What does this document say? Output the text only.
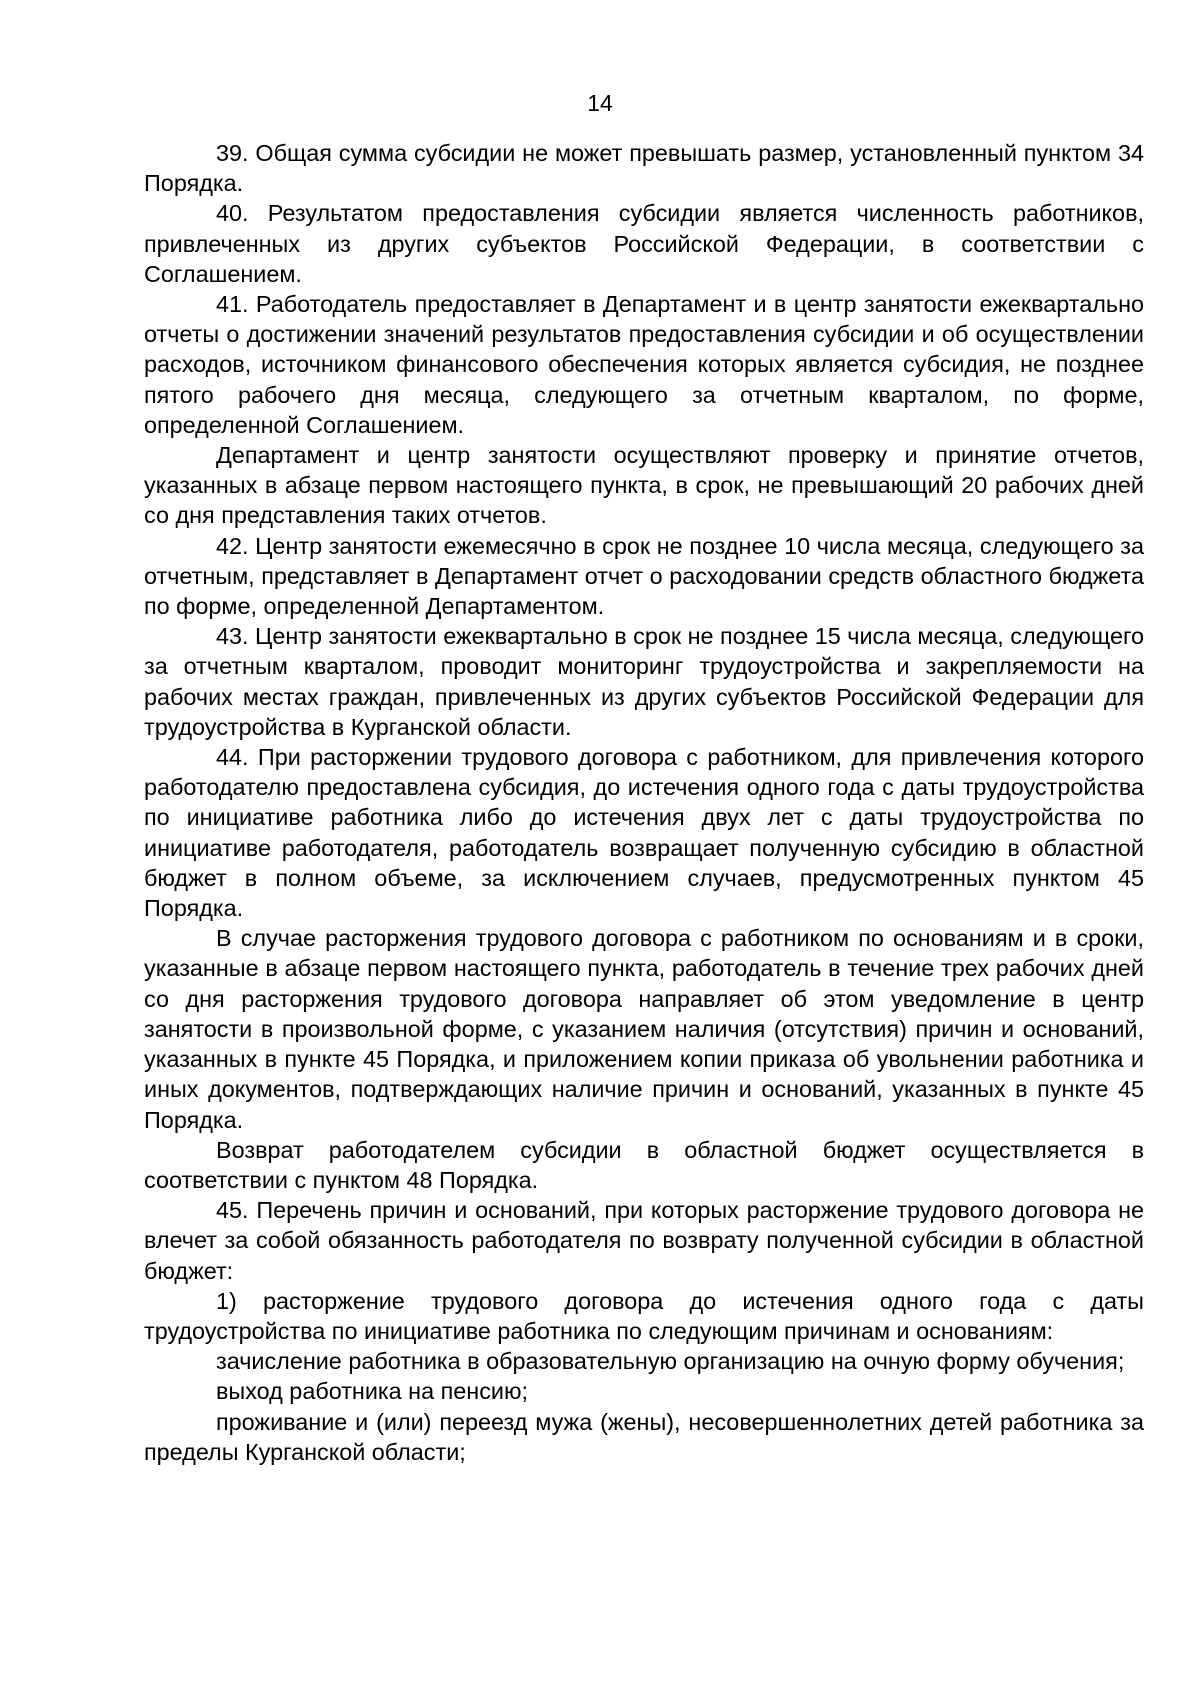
14

39. Общая сумма субсидии не может превышать размер, установленный пунктом 34 Порядка.

40. Результатом предоставления субсидии является численность работников, привлеченных из других субъектов Российской Федерации, в соответствии с Соглашением.

41. Работодатель предоставляет в Департамент и в центр занятости ежеквартально отчеты о достижении значений результатов предоставления субсидии и об осуществлении расходов, источником финансового обеспечения которых является субсидия, не позднее пятого рабочего дня месяца, следующего за отчетным кварталом, по форме, определенной Соглашением.

Департамент и центр занятости осуществляют проверку и принятие отчетов, указанных в абзаце первом настоящего пункта, в срок, не превышающий 20 рабочих дней со дня представления таких отчетов.

42. Центр занятости ежемесячно в срок не позднее 10 числа месяца, следующего за отчетным, представляет в Департамент отчет о расходовании средств областного бюджета по форме, определенной Департаментом.

43. Центр занятости ежеквартально в срок не позднее 15 числа месяца, следующего за отчетным кварталом, проводит мониторинг трудоустройства и закрепляемости на рабочих местах граждан, привлеченных из других субъектов Российской Федерации для трудоустройства в Курганской области.

44. При расторжении трудового договора с работником, для привлечения которого работодателю предоставлена субсидия, до истечения одного года с даты трудоустройства по инициативе работника либо до истечения двух лет с даты трудоустройства по инициативе работодателя, работодатель возвращает полученную субсидию в областной бюджет в полном объеме, за исключением случаев, предусмотренных пунктом 45 Порядка.

В случае расторжения трудового договора с работником по основаниям и в сроки, указанные в абзаце первом настоящего пункта, работодатель в течение трех рабочих дней со дня расторжения трудового договора направляет об этом уведомление в центр занятости в произвольной форме, с указанием наличия (отсутствия) причин и оснований, указанных в пункте 45 Порядка, и приложением копии приказа об увольнении работника и иных документов, подтверждающих наличие причин и оснований, указанных в пункте 45 Порядка.

Возврат работодателем субсидии в областной бюджет осуществляется в соответствии с пунктом 48 Порядка.

45. Перечень причин и оснований, при которых расторжение трудового договора не влечет за собой обязанность работодателя по возврату полученной субсидии в областной бюджет:

1) расторжение трудового договора до истечения одного года с даты трудоустройства по инициативе работника по следующим причинам и основаниям:

зачисление работника в образовательную организацию на очную форму обучения;

выход работника на пенсию;

проживание и (или) переезд мужа (жены), несовершеннолетних детей работника за пределы Курганской области;
